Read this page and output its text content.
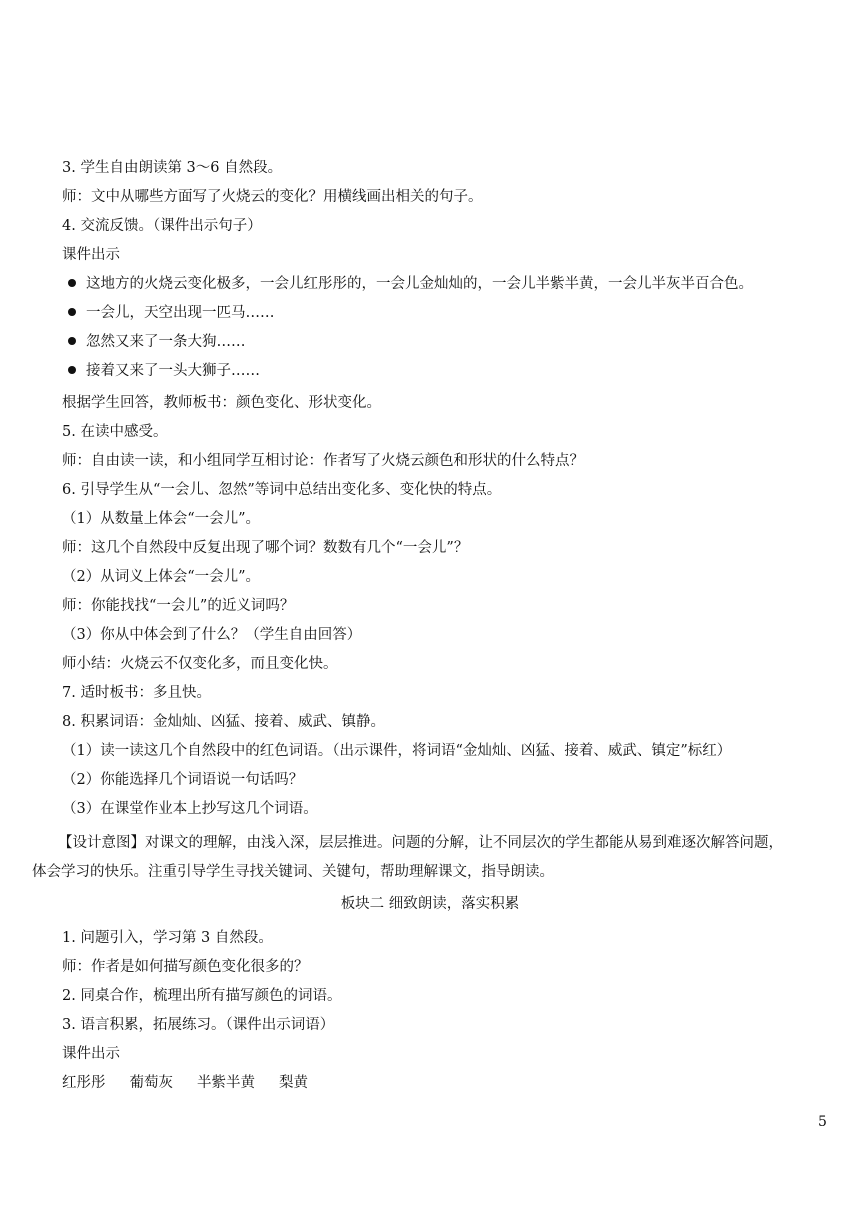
3. 学生自由朗读第 3～6 自然段。
师：文中从哪些方面写了火烧云的变化？用横线画出相关的句子。
4. 交流反馈。（课件出示句子）
课件出示
这地方的火烧云变化极多，一会儿红彤彤的，一会儿金灿灿的，一会儿半紫半黄，一会儿半灰半百合色。
一会儿，天空出现一匹马……
忽然又来了一条大狗……
接着又来了一头大狮子……
根据学生回答，教师板书：颜色变化、形状变化。
5. 在读中感受。
师：自由读一读，和小组同学互相讨论：作者写了火烧云颜色和形状的什么特点？
6. 引导学生从“一会儿、忽然”等词中总结出变化多、变化快的特点。
（1）从数量上体会“一会儿”。
师：这几个自然段中反复出现了哪个词？数数有几个“一会儿”？
（2）从词义上体会“一会儿”。
师：你能找找“一会儿”的近义词吗？
（3）你从中体会到了什么？（学生自由回答）
师小结：火烧云不仅变化多，而且变化快。
7. 适时板书：多且快。
8. 积累词语：金灿灿、凶猛、接着、威武、镇静。
（1）读一读这几个自然段中的红色词语。（出示课件，将词语“金灿灿、凶猛、接着、威武、镇定”标红）
（2）你能选择几个词语说一句话吗？
（3）在课堂作业本上抄写这几个词语。
【设计意图】对课文的理解，由浅入深，层层推进。问题的分解，让不同层次的学生都能从易到难逐次解答问题，
体会学习的快乐。注重引导学生寻找关键词、关键句，帮助理解课文，指导朗读。
板块二 细致朗读，落实积累
1. 问题引入，学习第 3 自然段。
师：作者是如何描写颜色变化很多的？
2. 同桌合作，梳理出所有描写颜色的词语。
3. 语言积累，拓展练习。（课件出示词语）
课件出示
红彤彤 葡萄灰 半紫半黄 梨黄
5
